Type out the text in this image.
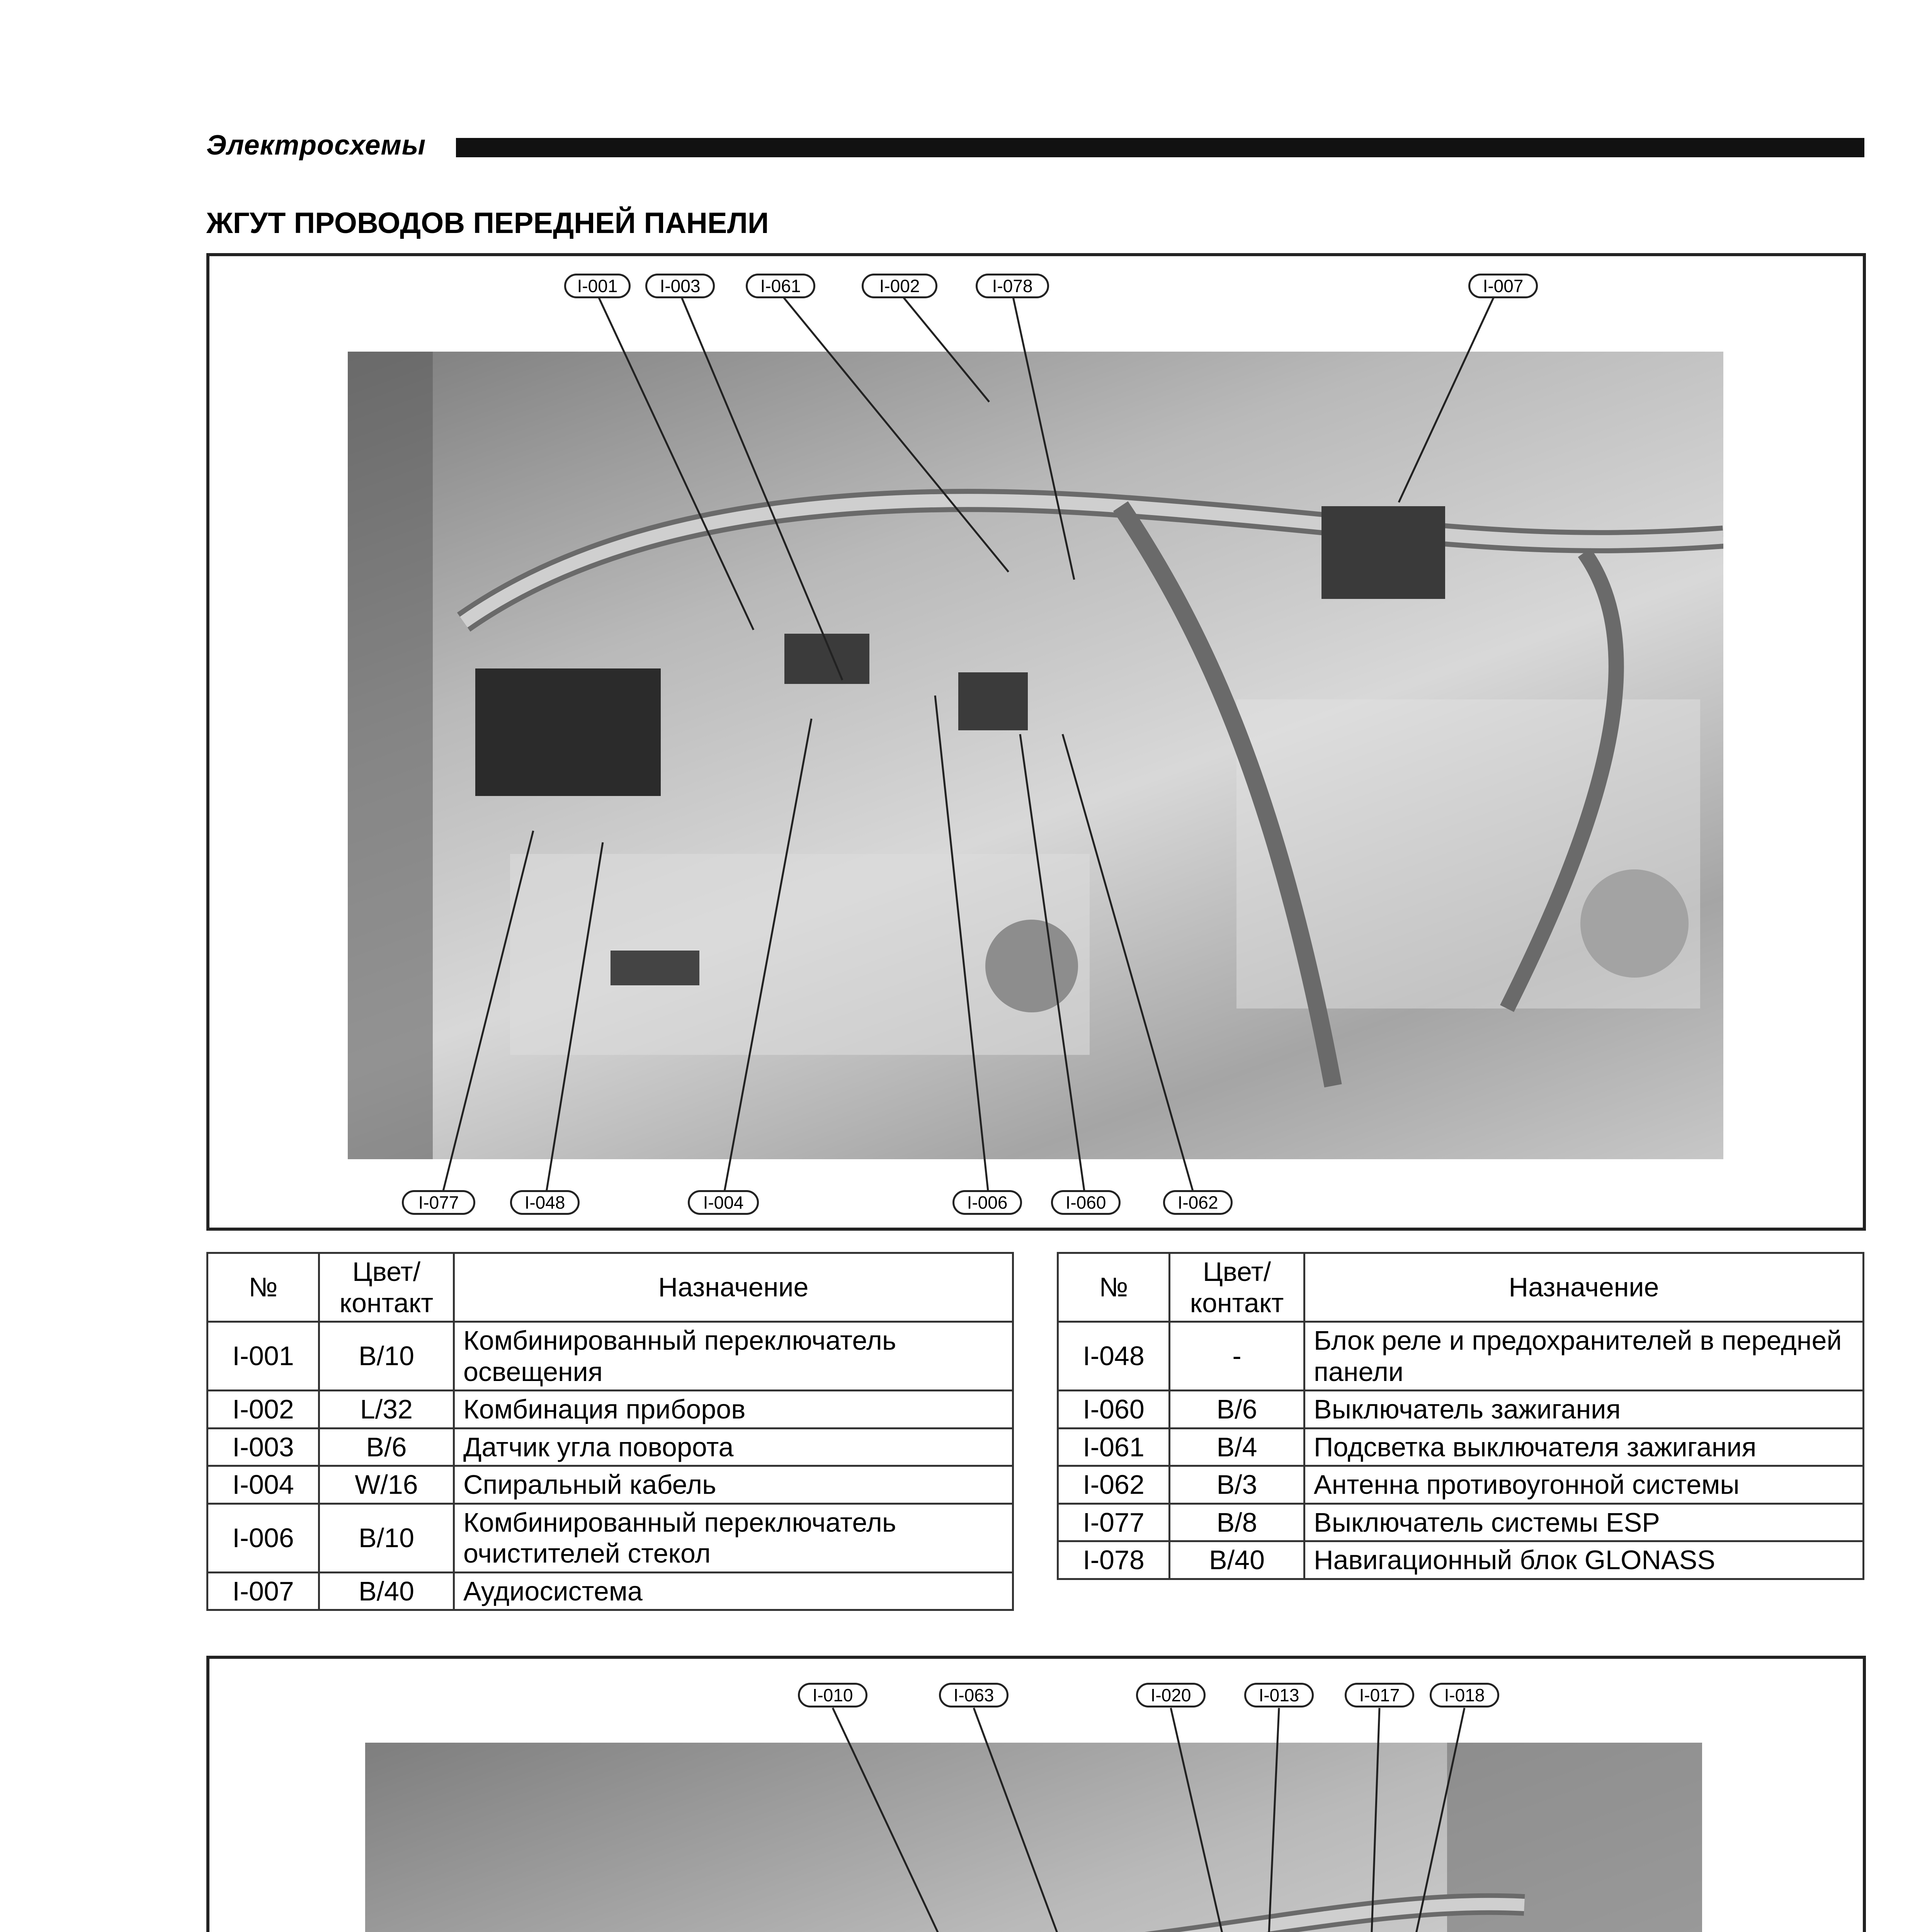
Электросхемы
ЖГУТ ПРОВОДОВ ПЕРЕДНЕЙ ПАНЕЛИ
I-001	I-003	I-061	I-002	I-078	I-007
I-077	I-048	I-004	I-006	I-060	I-062
№	Цвет/ контакт	Назначение
I-001	B/10	Комбинированный переключатель освещения
I-002	L/32	Комбинация приборов
I-003	B/6	Датчик угла поворота
I-004	W/16	Спиральный кабель
I-006	B/10	Комбинированный переключатель очистителей стекол
I-007	B/40	Аудиосистема
№	Цвет/ контакт	Назначение
I-048	-	Блок реле и предохранителей в передней панели
I-060	B/6	Выключатель зажигания
I-061	B/4	Подсветка выключателя зажигания
I-062	B/3	Антенна противоугонной системы
I-077	B/8	Выключатель системы ESP
I-078	B/40	Навигационный блок GLONASS
I-010	I-063	I-020	I-013	I-017	I-018
